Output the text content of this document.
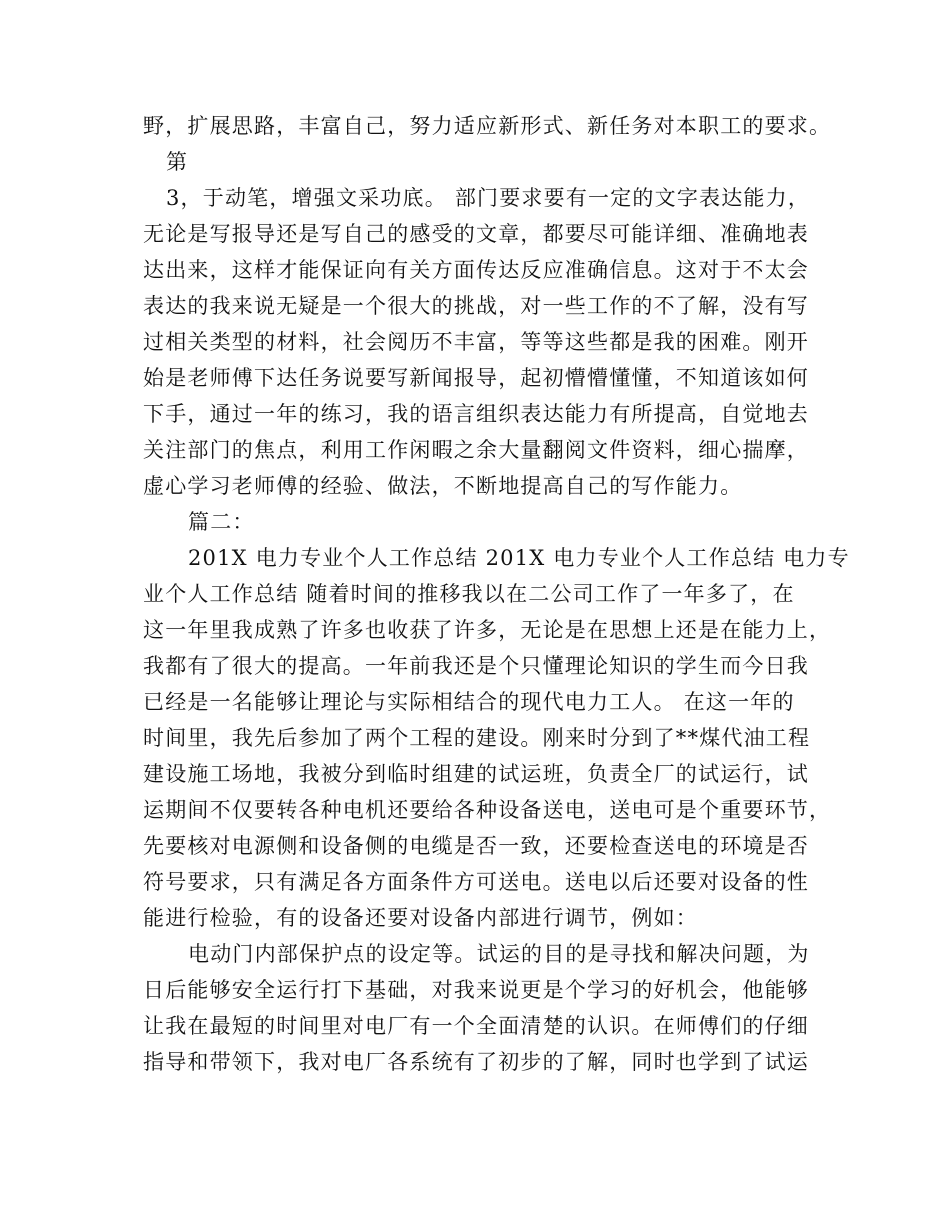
野，扩展思路，丰富自己，努力适应新形式、新任务对本职工的要求。
第
3，于动笔，增强文采功底。 部门要求要有一定的文字表达能力，
无论是写报导还是写自己的感受的文章，都要尽可能详细、准确地表
达出来，这样才能保证向有关方面传达反应准确信息。这对于不太会
表达的我来说无疑是一个很大的挑战，对一些工作的不了解，没有写
过相关类型的材料，社会阅历不丰富，等等这些都是我的困难。刚开
始是老师傅下达任务说要写新闻报导，起初懵懵懂懂，不知道该如何
下手，通过一年的练习，我的语言组织表达能力有所提高，自觉地去
关注部门的焦点，利用工作闲暇之余大量翻阅文件资料，细心揣摩，
虚心学习老师傅的经验、做法，不断地提高自己的写作能力。
篇二：
201X 电力专业个人工作总结 201X 电力专业个人工作总结 电力专
业个人工作总结 随着时间的推移我以在二公司工作了一年多了，在
这一年里我成熟了许多也收获了许多，无论是在思想上还是在能力上，
我都有了很大的提高。一年前我还是个只懂理论知识的学生而今日我
已经是一名能够让理论与实际相结合的现代电力工人。 在这一年的
时间里，我先后参加了两个工程的建设。刚来时分到了**煤代油工程
建设施工场地，我被分到临时组建的试运班，负责全厂的试运行，试
运期间不仅要转各种电机还要给各种设备送电，送电可是个重要环节，
先要核对电源侧和设备侧的电缆是否一致，还要检查送电的环境是否
符号要求，只有满足各方面条件方可送电。送电以后还要对设备的性
能进行检验，有的设备还要对设备内部进行调节，例如：
电动门内部保护点的设定等。试运的目的是寻找和解决问题，为
日后能够安全运行打下基础，对我来说更是个学习的好机会，他能够
让我在最短的时间里对电厂有一个全面清楚的认识。在师傅们的仔细
指导和带领下，我对电厂各系统有了初步的了解，同时也学到了试运
